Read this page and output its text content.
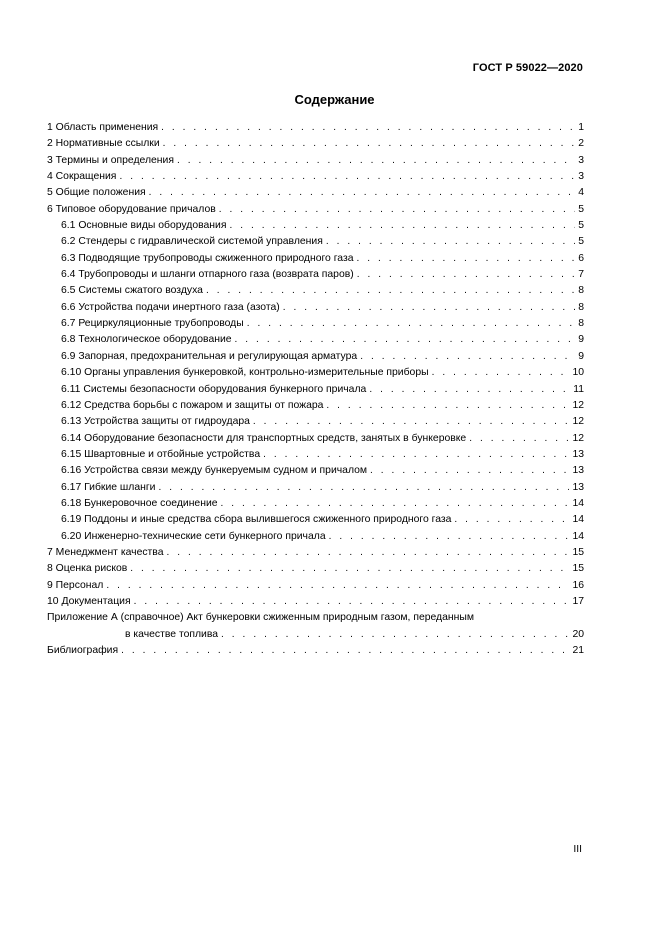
ГОСТ Р 59022—2020
Содержание
1 Область применения . . .	1
2 Нормативные ссылки . . .	2
3 Термины и определения . . .	3
4 Сокращения . . .	3
5 Общие положения . . .	4
6 Типовое оборудование причалов . . .	5
6.1 Основные виды оборудования . . .	5
6.2 Стендеры с гидравлической системой управления . . .	5
6.3 Подводящие трубопроводы сжиженного природного газа . . .	6
6.4 Трубопроводы и шланги отпарного газа (возврата паров) . . .	7
6.5 Системы сжатого воздуха . . .	8
6.6 Устройства подачи инертного газа (азота) . . .	8
6.7 Рециркуляционные трубопроводы . . .	8
6.8 Технологическое оборудование . . .	9
6.9 Запорная, предохранительная и регулирующая арматура . . .	9
6.10 Органы управления бункеровкой, контрольно-измерительные приборы . . .	10
6.11 Системы безопасности оборудования бункерного причала . . .	11
6.12 Средства борьбы с пожаром и защиты от пожара . . .	12
6.13 Устройства защиты от гидроудара . . .	12
6.14 Оборудование безопасности для транспортных средств, занятых в бункеровке . . .	12
6.15 Швартовные и отбойные устройства . . .	13
6.16 Устройства связи между бункеруемым судном и причалом . . .	13
6.17 Гибкие шланги . . .	13
6.18 Бункеровочное соединение . . .	14
6.19 Поддоны и иные средства сбора вылившегося сжиженного природного газа . . .	14
6.20 Инженерно-технические сети бункерного причала . . .	14
7 Менеджмент качества . . .	15
8 Оценка рисков . . .	15
9 Персонал . . .	16
10 Документация . . .	17
Приложение А (справочное) Акт бункеровки сжиженным природным газом, переданным
в качестве топлива . . .	20
Библиография . . .	21
III
